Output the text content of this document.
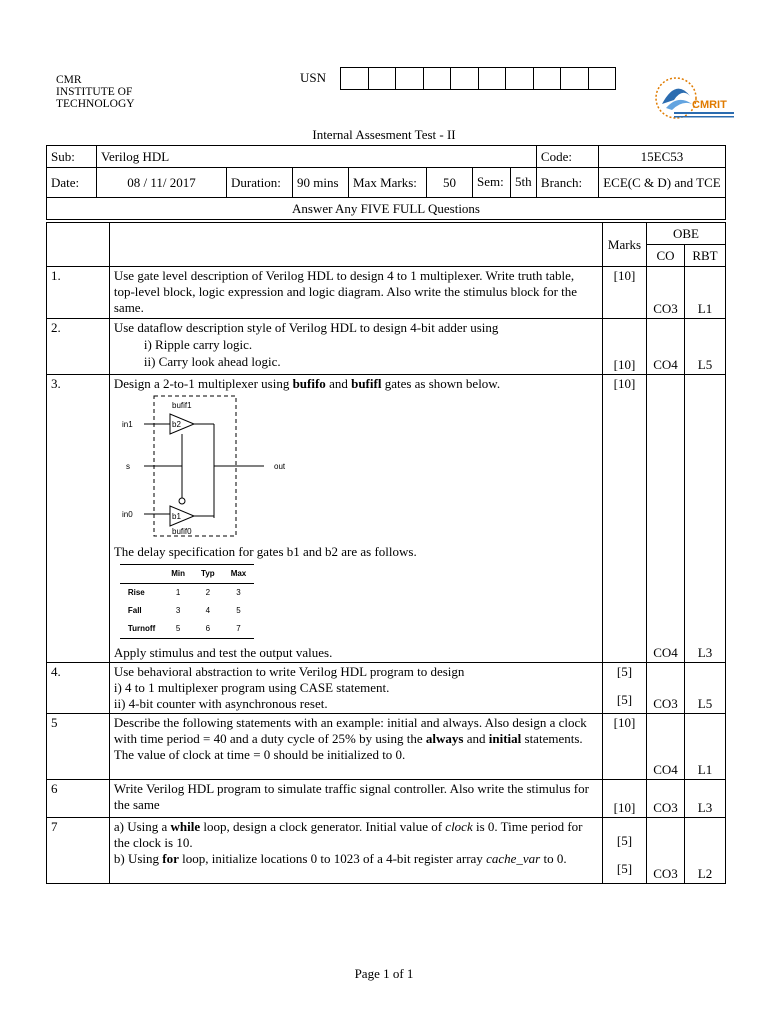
CMR
INSTITUTE OF
TECHNOLOGY
USN
CMRIT
Internal Assesment Test - II
Sub:	Verilog HDL						Code:	15EC53
Date:	08 / 11/ 2017	Duration:	90 mins	Max Marks:	50	Sem: 5th	Branch:	ECE(C & D) and TCE
Answer Any FIVE FULL Questions								
		Marks	OBE
CO	RBT
1.	Use gate level description of Verilog HDL to design 4 to 1 multiplexer. Write truth table, top-level block, logic expression and logic diagram. Also write the stimulus block for the same.	[10]	CO3	L1
2.	Use dataflow description style of Verilog HDL to design 4-bit adder using
i) Ripple carry logic.
ii) Carry look ahead logic.	[10]	CO4	L5
3.	Design a 2-to-1 multiplexer using bufifo and bufifl gates as shown below.
bufif1
b2
in1
out
s
b1
in0
bufif0
The delay specification for gates b1 and b2 are as follows.
	Min	Typ	Max
Rise	1	2	3
Fall	3	4	5
Turnoff	5	6	7
Apply stimulus and test the output values.
	[10]	CO4	L3
4.	Use behavioral abstraction to write Verilog HDL program to design
i) 4 to 1 multiplexer program using CASE statement.
ii) 4-bit counter with asynchronous reset.

[5]
[5]	CO3	L5
5	Describe the following statements with an example: initial and always. Also design a clock with time period = 40 and a duty cycle of 25% by using the always and initial statements. The value of clock at time = 0 should be initialized to 0.	[10]	CO4	L1
6	Write Verilog HDL program to simulate traffic signal controller. Also write the stimulus for the same	[10]	CO3	L3
7	a) Using a while loop, design a clock generator. Initial value of clock is 0. Time period for the clock is 10.
b) Using for loop, initialize locations 0 to 1023 of a 4-bit register array cache_var to 0.

[5]
[5]	CO3	L2
Page 1 of 1
